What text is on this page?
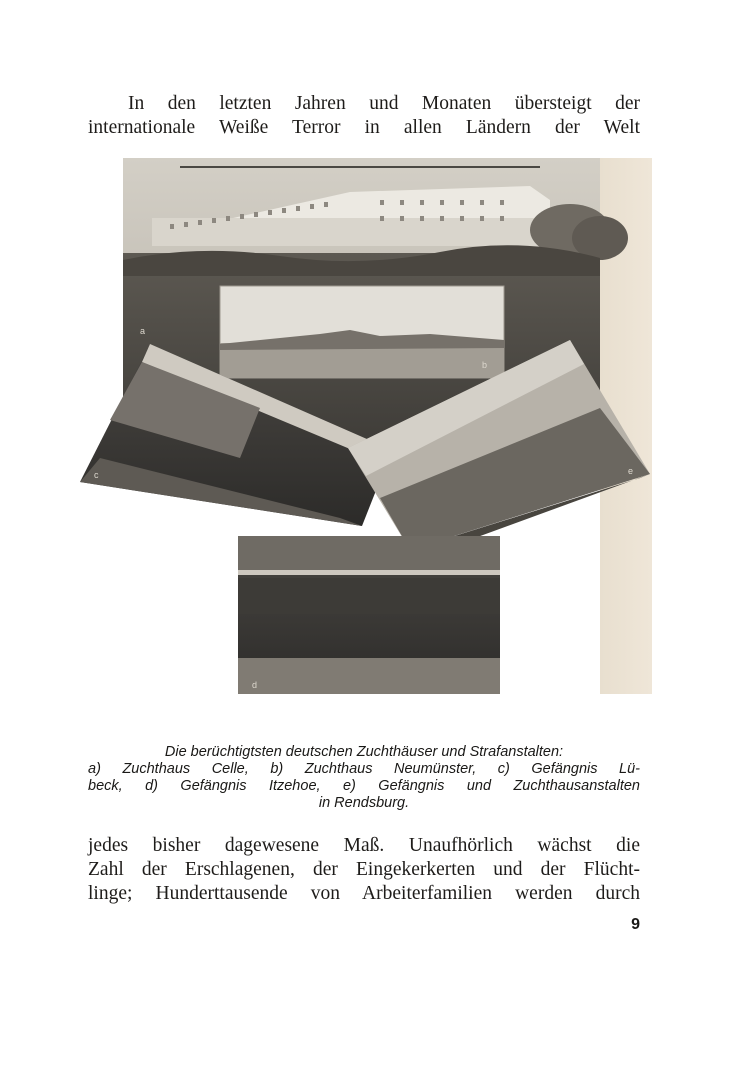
In den letzten Jahren und Monaten übersteigt der
internationale Weiße Terror in allen Ländern der Welt

a
b
c
d
e

Die berüchtigtsten deutschen Zuchthäuser und Strafanstalten:
a) Zuchthaus Celle, b) Zuchthaus Neumünster, c) Gefängnis Lü-
beck, d) Gefängnis Itzehoe, e) Gefängnis und Zuchthausanstalten
in Rendsburg.

jedes bisher dagewesene Maß. Unaufhörlich wächst die
Zahl der Erschlagenen, der Eingekerkerten und der Flücht-
linge; Hunderttausende von Arbeiterfamilien werden durch

9
